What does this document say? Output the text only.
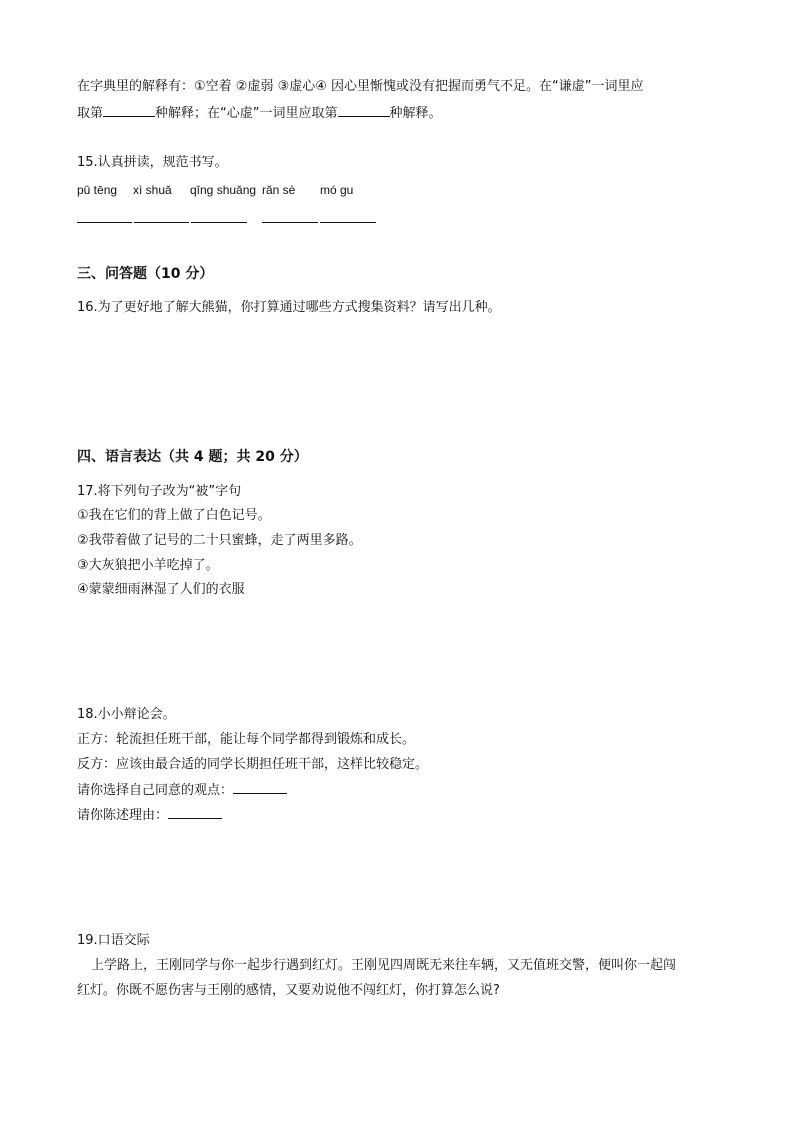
在字典里的解释有：①空着 ②虚弱 ③虚心④ 因心里惭愧或没有把握而勇气不足。在“谦虚”一词里应
取第	种解释；在“心虚”一词里应取第	种解释。
15.认真拼读，规范书写。
pū tēng xì shuǎ qīng shuǎng rǎn sè mó gu
三、问答题（10 分）
16.为了更好地了解大熊猫，你打算通过哪些方式搜集资料？请写出几种。
四、语言表达（共 4 题；共 20 分）
17.将下列句子改为“被”字句
①我在它们的背上做了白色记号。
②我带着做了记号的二十只蜜蜂，走了两里多路。
③大灰狼把小羊吃掉了。
④蒙蒙细雨淋湿了人们的衣服
18.小小辩论会。
正方：轮流担任班干部，能让每个同学都得到锻炼和成长。
反方：应该由最合适的同学长期担任班干部，这样比较稳定。
请你选择自己同意的观点：
请你陈述理由：
19.口语交际
上学路上，王刚同学与你一起步行遇到红灯。王刚见四周既无来往车辆，又无值班交警，便叫你一起闯
红灯。你既不愿伤害与王刚的感情，又要劝说他不闯红灯，你打算怎么说?
